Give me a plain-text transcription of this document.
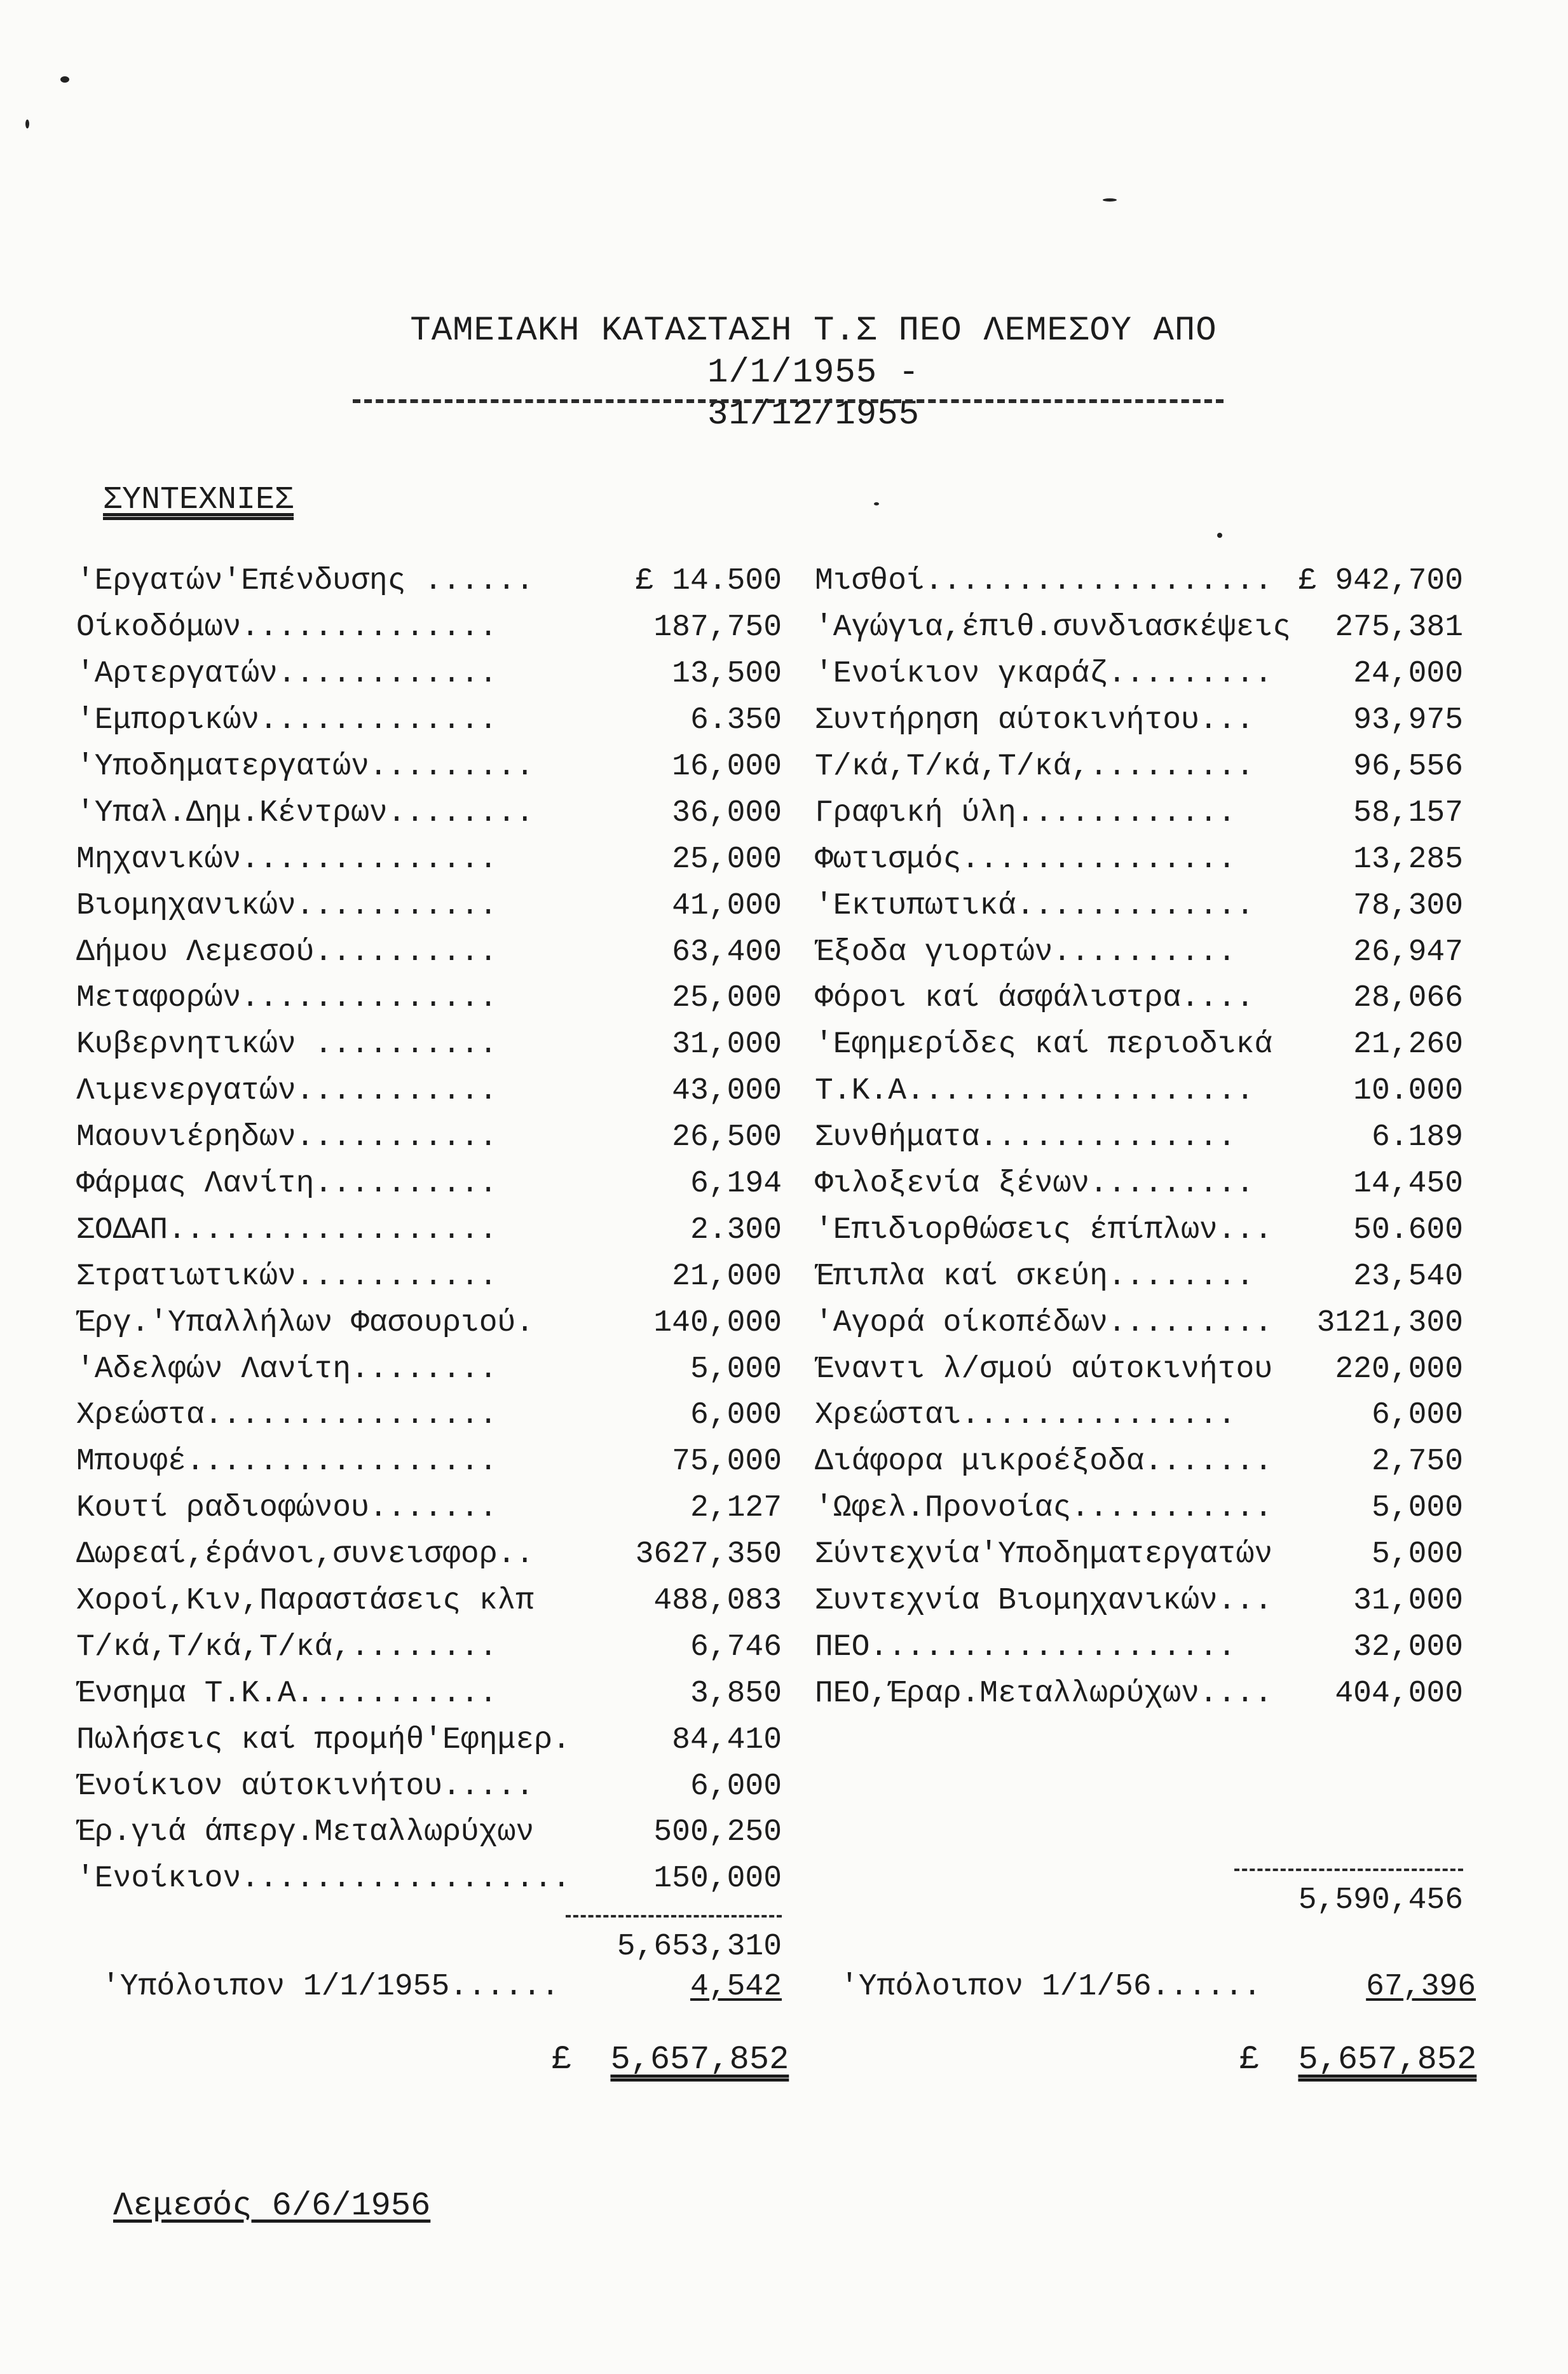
ΤΑΜΕΙΑΚΗ ΚΑΤΑΣΤΑΣΗ Τ.Σ ΠΕΟ ΛΕΜΕΣΟΥ ΑΠΟ 1/1/1955 -
31/12/1955
ΣΥΝΤΕΧΝΙΕΣ
'Εργατών'Επένδυσης ......	£ 14.500
Οίκοδόμων..............	187,750
'Αρτεργατών............	13,500
'Εμπορικών.............	6.350
'Υποδηματεργατών.........	16,000
'Υπαλ.Δημ.Κέντρων........	36,000
Μηχανικών..............	25,000
Βιομηχανικών...........	41,000
Δήμου Λεμεσού..........	63,400
Μεταφορών..............	25,000
Κυβερνητικών ..........	31,000
Λιμενεργατών...........	43,000
Μαουνιέρηδων...........	26,500
Φάρμας Λανίτη..........	6,194
ΣΟΔΑΠ..................	2.300
Στρατιωτικών...........	21,000
Έργ.'Υπαλλήλων Φασουριού.	140,000
'Αδελφών Λανίτη........	5,000
Χρεώστα................	6,000
Μπουφέ.................	75,000
Κουτί ραδιοφώνου.......	2,127
Δωρεαί,έράνοι,συνεισφορ..	3627,350
Χοροί,Κιν,Παραστάσεις κλπ	488,083
Τ/κά,Τ/κά,Τ/κά,........	6,746
Ένσημα Τ.Κ.Α...........	3,850
Πωλήσεις καί προμήθ'Εφημερ.	84,410
Ένοίκιον αύτοκινήτου.....	6,000
Έρ.γιά άπεργ.Μεταλλωρύχων	500,250
'Ενοίκιον..................	150,000
5,653,310
Μισθοί................... £ 942,700
'Αγώγια,έπιθ.συνδιασκέψεις	275,381
'Ενοίκιον γκαράζ.........	24,000
Συντήρηση αύτοκινήτου...	93,975
Τ/κά,Τ/κά,Τ/κά,.........	96,556
Γραφική ύλη............	58,157
Φωτισμός...............	13,285
'Εκτυπωτικά.............	78,300
Έξοδα γιορτών..........	26,947
Φόροι καί άσφάλιστρα....	28,066
'Εφημερίδες καί περιοδικά	21,260
Τ.Κ.Α...................	10.000
Συνθήματα..............	6.189
Φιλοξενία ξένων.........	14,450
'Επιδιορθώσεις έπίπλων...	50.600
Έπιπλα καί σκεύη........	23,540
'Αγορά οίκοπέδων......... 3121,300
Έναντι λ/σμού αύτοκινήτου	220,000
Χρεώσται...............	6,000
Διάφορα μικροέξοδα.......	2,750
'Ωφελ.Προνοίας...........	5,000
Σύντεχνία'Υποδηματεργατών	5,000
Συντεχνία Βιομηχανικών...	31,000
ΠΕΟ....................	32,000
ΠΕΟ,Έραρ.Μεταλλωρύχων....	404,000
5,590,456
'Υπόλοιπον 1/1/1955......	4,542
£ 5,657,852
'Υπόλοιπον 1/1/56......	67,396
£ 5,657,852
Λεμεσός 6/6/1956
